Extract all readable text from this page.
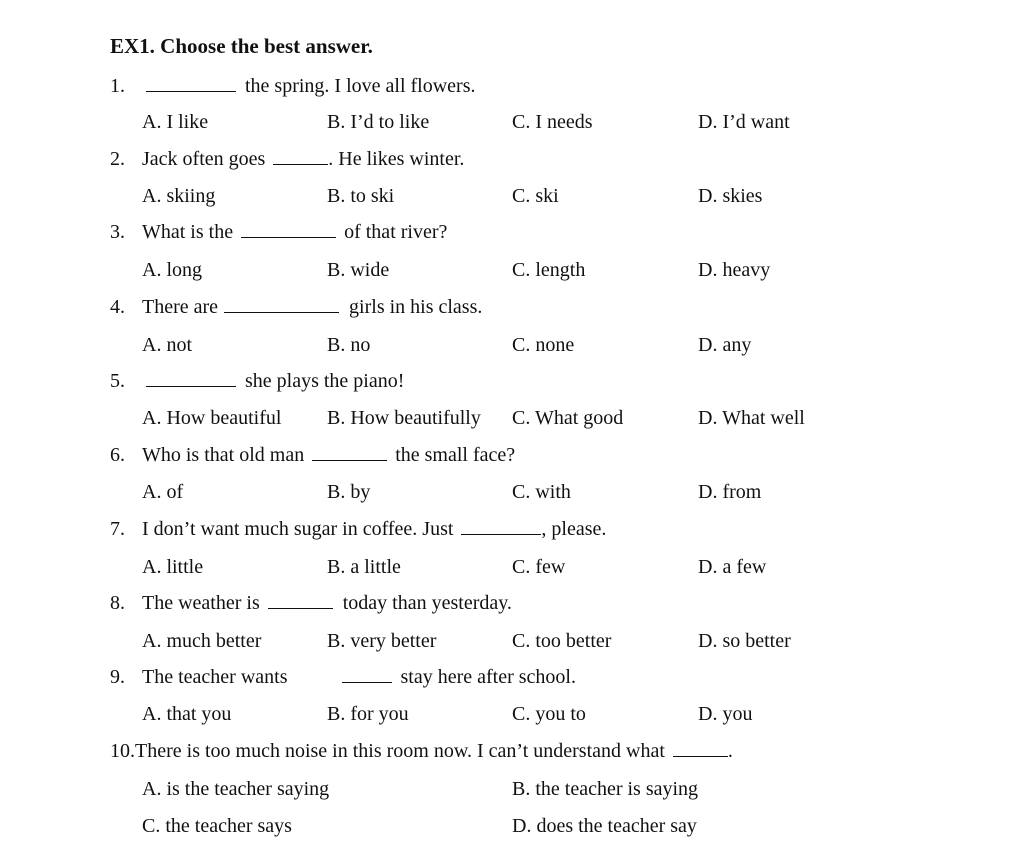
EX1. Choose the best answer.
1.	the spring. I love all flowers.
A. I like	B. I’d to like	C. I needs	D. I’d want
2. Jack often goes	. He likes winter.
A. skiing	B. to ski	C. ski	D. skies
3. What is the	of that river?
A. long	B. wide	C. length	D. heavy
4. There are	girls in his class.
A. not	B. no	C. none	D. any
5.	she plays the piano!
A. How beautiful B. How beautifully C. What good	D. What well
6. Who is that old man	the small face?
A. of	B. by	C. with	D. from
7. I don’t want much sugar in coffee. Just	, please.
A. little	B. a little	C. few	D. a few
8. The weather is	today than yesterday.
A. much better	B. very better	C. too better	D. so better
9. The teacher wants	stay here after school.
A. that you	B. for you	C. you to	D. you
10.There is too much noise in this room now. I can’t understand what	.
A. is the teacher saying	B. the teacher is saying
C. the teacher says	D. does the teacher say
